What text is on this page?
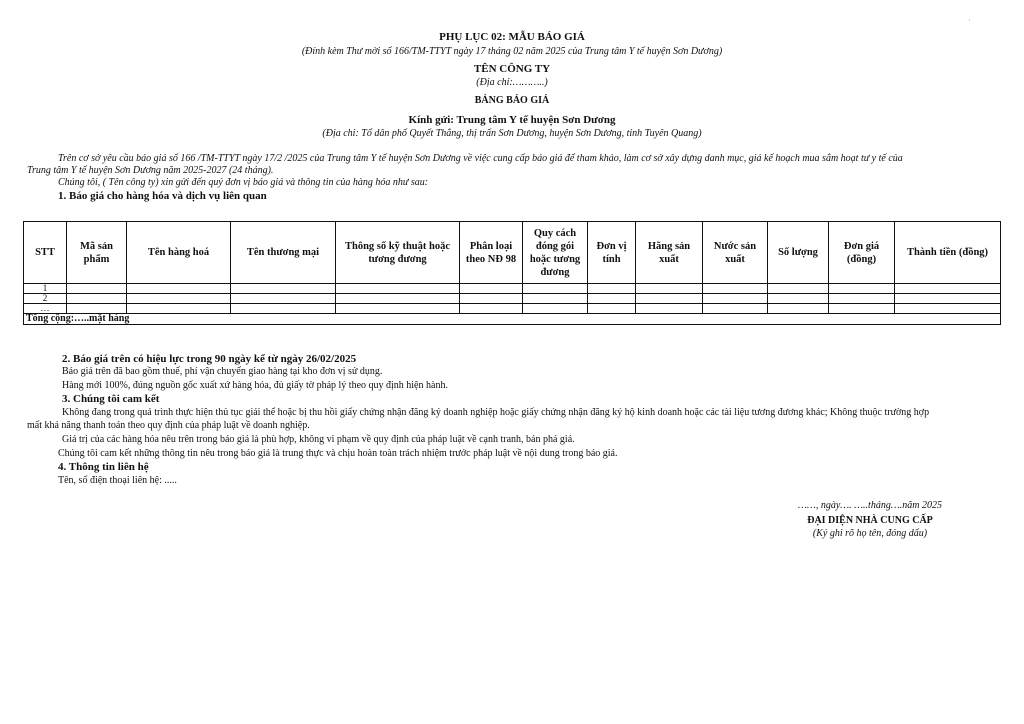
PHỤ LỤC 02: MẪU BÁO GIÁ
(Đính kèm Thư mời số 166/TM-TTYT ngày 17 tháng 02 năm 2025 của Trung tâm Y tế huyện Sơn Dương)
TÊN CÔNG TY
(Địa chỉ:………..)
BẢNG BÁO GIÁ
Kính gửi: Trung tâm Y tế huyện Sơn Dương
(Địa chỉ: Tổ dân phố Quyết Thắng, thị trấn Sơn Dương, huyện Sơn Dương, tỉnh Tuyên Quang)
Trên cơ sở yêu cầu báo giá số 166 /TM-TTYT ngày 17/2 /2025 của Trung tâm Y tế huyện Sơn Dương về việc cung cấp báo giá để tham khảo, làm cơ sở xây dựng danh mục, giá kế hoạch mua sắm hoạt tư y tế của
Trung tâm Y tế huyện Sơn Dương năm 2025-2027 (24 tháng).
Chúng tôi, ( Tên công ty) xin gửi đến quý đơn vị báo giá và thông tin của hàng hóa như sau:
1. Báo giá cho hàng hóa và dịch vụ liên quan
STT	Mã sản phẩm	Tên hàng hoá	Tên thương mại	Thông số kỹ thuật hoặc tương đương	Phân loại theo NĐ 98	Quy cách đóng gói hoặc tương đương	Đơn vị tính	Hãng sản xuất	Nước sản xuất	Số lượng	Đơn giá (đồng)	Thành tiền (đồng)
1												
2												
…												
Tổng cộng:…..mặt hàng												
2. Báo giá trên có hiệu lực trong 90 ngày kể từ ngày 26/02/2025
Báo giá trên đã bao gồm thuế, phí vận chuyển giao hàng tại kho đơn vị sử dụng.
Hàng mới 100%, đúng nguồn gốc xuất xứ hàng hóa, đủ giấy tờ pháp lý theo quy định hiện hành.
3. Chúng tôi cam kết
Không đang trong quá trình thực hiện thủ tục giải thể hoặc bị thu hồi giấy chứng nhận đăng ký doanh nghiệp hoặc giấy chứng nhận đăng ký hộ kinh doanh hoặc các tài liệu tương đương khác; Không thuộc trường hợp
mất khả năng thanh toán theo quy định của pháp luật về doanh nghiệp.
Giá trị của các hàng hóa nêu trên trong báo giá là phù hợp, không vi phạm về quy định của pháp luật về cạnh tranh, bán phá giá.
Chúng tôi cam kết những thông tin nêu trong báo giá là trung thực và chịu hoàn toàn trách nhiệm trước pháp luật về nội dung trong báo giá.
4. Thông tin liên hệ
Tên, số điện thoại liên hệ: .....
……, ngày…. …..tháng….năm 2025
ĐẠI DIỆN NHÀ CUNG CẤP
(Ký ghi rõ họ tên, đóng dấu)
˙
